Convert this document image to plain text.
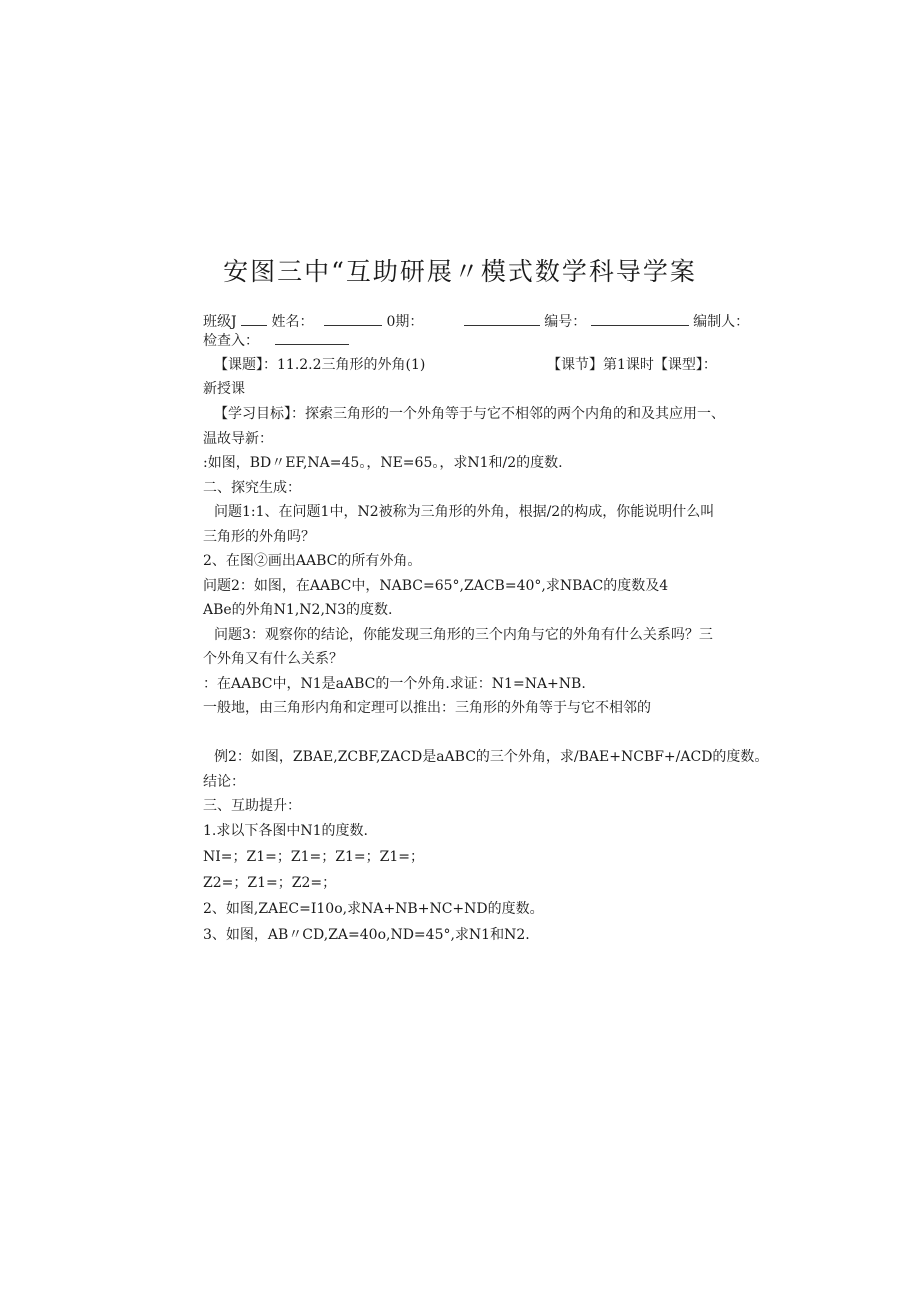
安图三中“互助研展〃模式数学科导学案
班级J 姓名：	0期：	编号：	编制人：
检查入：
【课题】：11.2.2三角形的外角(1)	【课节】第1课时【课型】：
新授课
【学习目标】：探索三角形的一个外角等于与它不相邻的两个内角的和及其应用一、
温故导新：
:如图，BD〃EF,NA=45。，NE=65。，求N1和/2的度数.
二、探究生成：
问题1:1、在问题1中，N2被称为三角形的外角，根据/2的构成，你能说明什么叫
三角形的外角吗？
2、在图②画出AABC的所有外角。
问题2：如图，在AABC中，NABC=65°,ZACB=40°,求NBAC的度数及4
ABe的外角N1,N2,N3的度数.
问题3：观察你的结论，你能发现三角形的三个内角与它的外角有什么关系吗？三
个外角又有什么关系？
：在AABC中，N1是aABC的一个外角.求证：N1=NA+NB.
一般地，由三角形内角和定理可以推出：三角形的外角等于与它不相邻的
例2：如图，ZBAE,ZCBF,ZACD是aABC的三个外角，求/BAE+NCBF+/ACD的度数。
结论：
三、互助提升：
1.求以下各图中N1的度数.
NI=；Z1=；Z1=；Z1=；Z1=；
Z2=；Z1=；Z2=；
2、如图,ZAEC=I10o,求NA+NB+NC+ND的度数。
3、如图，AB〃CD,ZA=40o,ND=45°,求N1和N2.
